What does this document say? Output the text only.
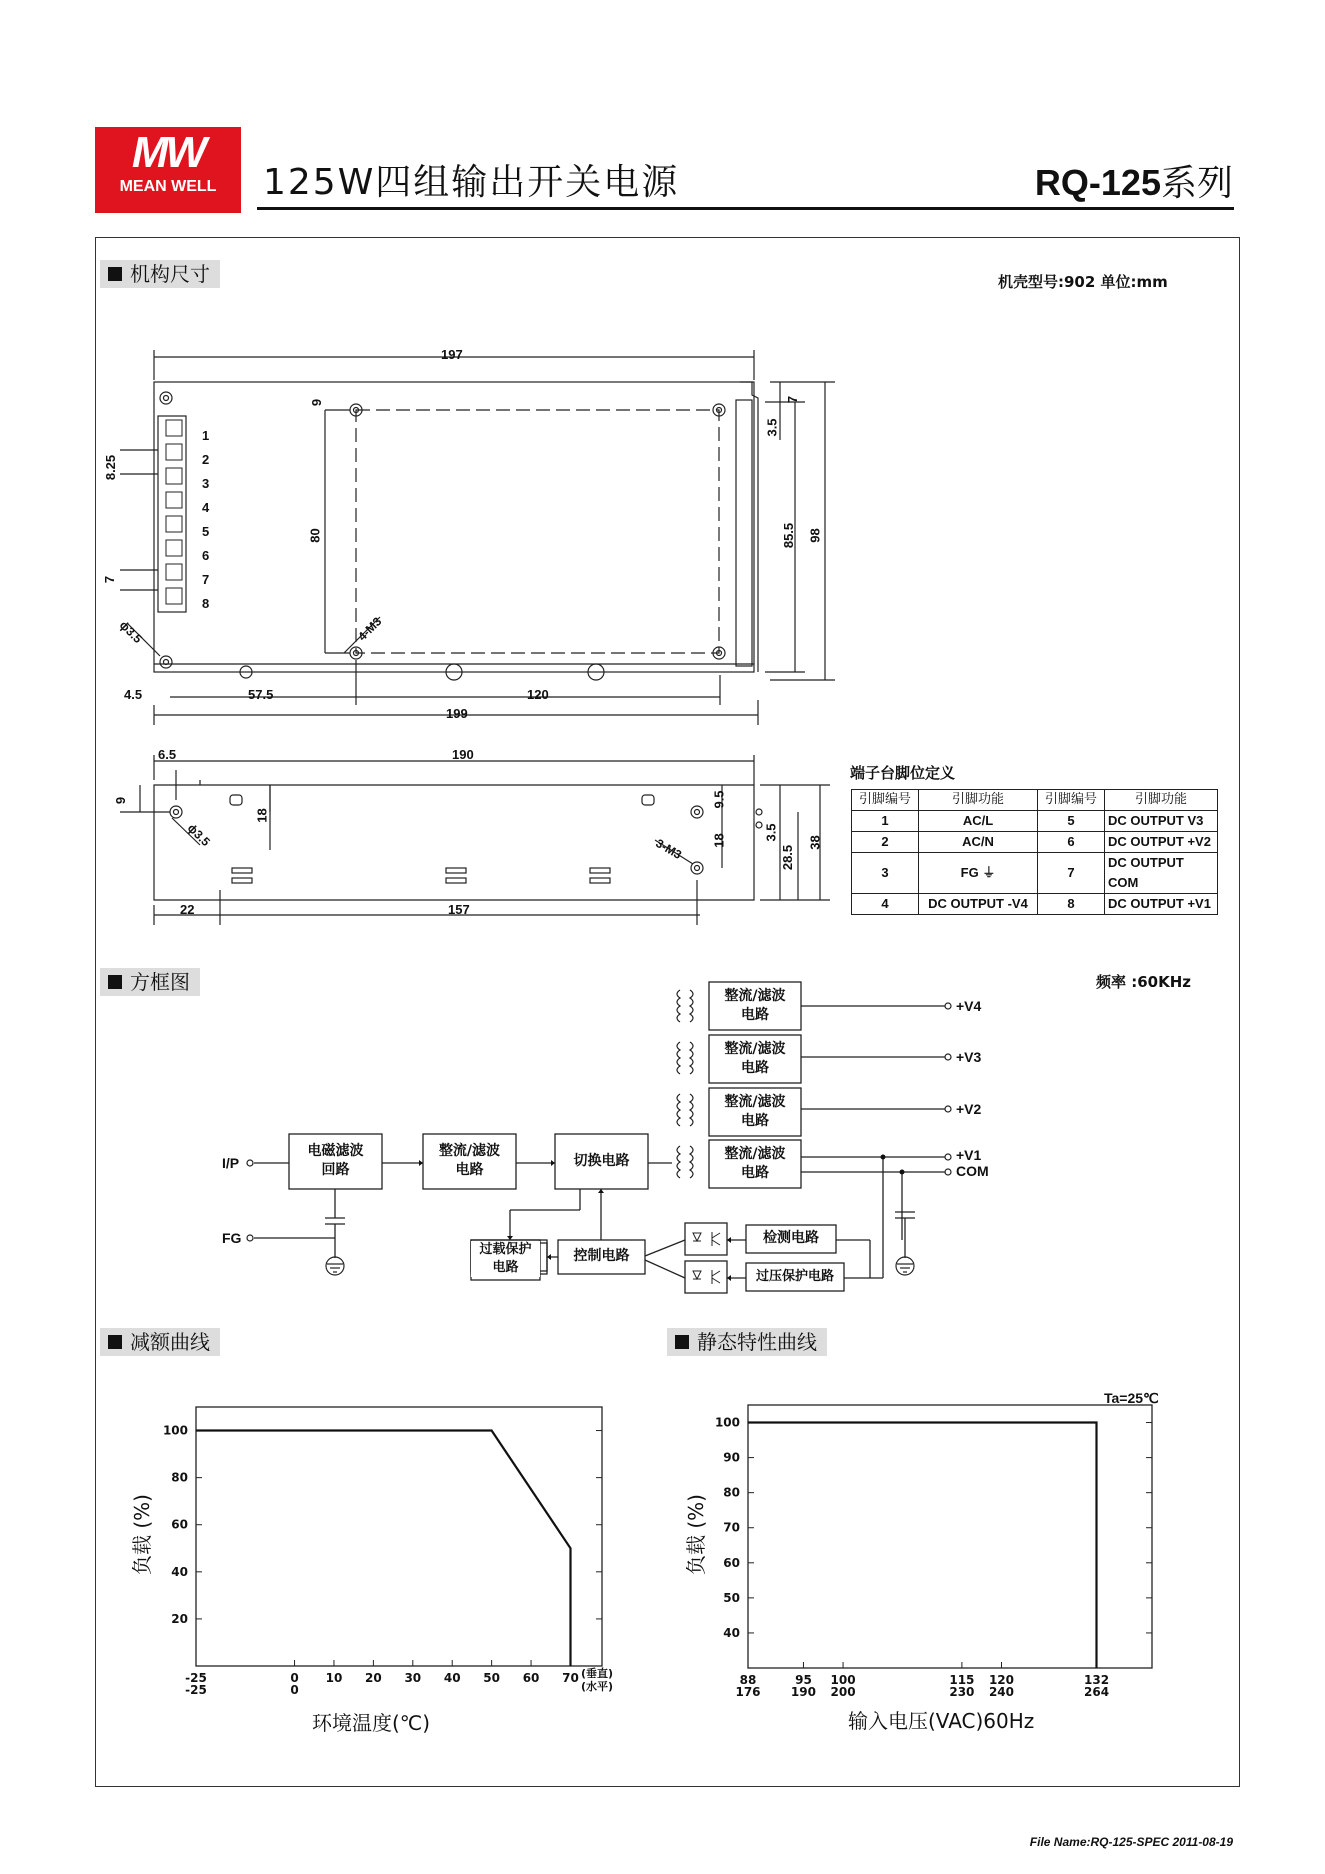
MW
MEAN WELL	125W四组输出开关电源	RQ-125系列
机构尺寸	机壳型号:902 单位:mm
197
9	7
3.5
8.25
7
80	85.5 98
4.5	57.5	120
199
ϕ3.5	4-M3
1
2
3
4
5
6
7
8
6.5	190
9
18
ϕ3.5
9.5
18	3.5
28.5
38
3-M3
22	157
端子台脚位定义
引脚编号	引脚功能	引脚编号	引脚功能
1	AC/L	5	DC OUTPUT V3
2	AC/N	6	DC OUTPUT +V2
3	FG ⏚	7	DC OUTPUT COM
4	DC OUTPUT -V4	8	DC OUTPUT +V1
方框图	频率 :60KHz
电磁滤波
回路
整流/滤波
电路
切换电路
整流/滤波
电路
整流/滤波
电路
整流/滤波
电路
整流/滤波
电路
过载保护
电路
控制电路
检测电路
过压保护电路
I/P
FG
+V4
+V3
+V2
+V1
COM
减额曲线	静态特性曲线
Ta=25℃
-25	0 10 20 30 40 50 60 70
-25	0
100
80
60
40
20
88
176
95
190
100
200
115
230
120
240
132
264
100
90
80
70
60
50
40
负载 (%)
环境温度(℃)
(垂直)
(水平)
负载 (%)
输入电压(VAC)60Hz
File Name:RQ-125-SPEC 2011-08-19
